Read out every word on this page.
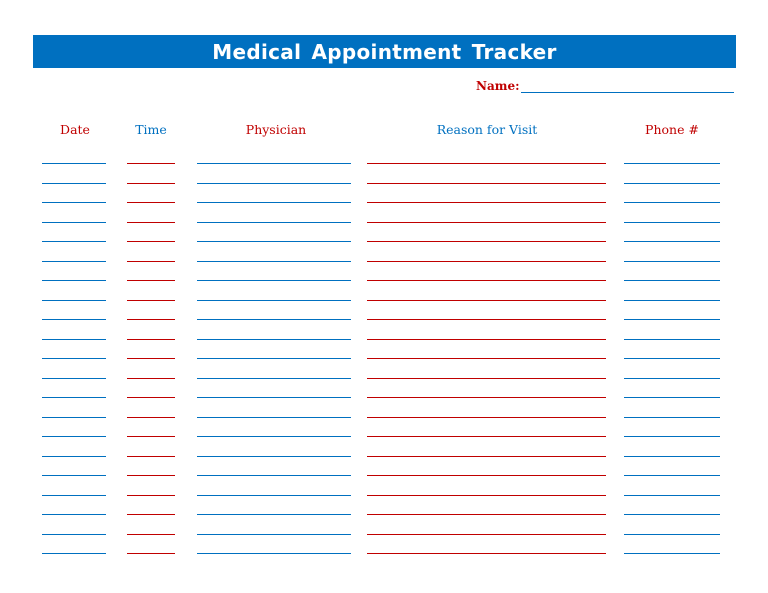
Medical Appointment Tracker
Name:
Date	Time	Physician	Reason for Visit	Phone #
